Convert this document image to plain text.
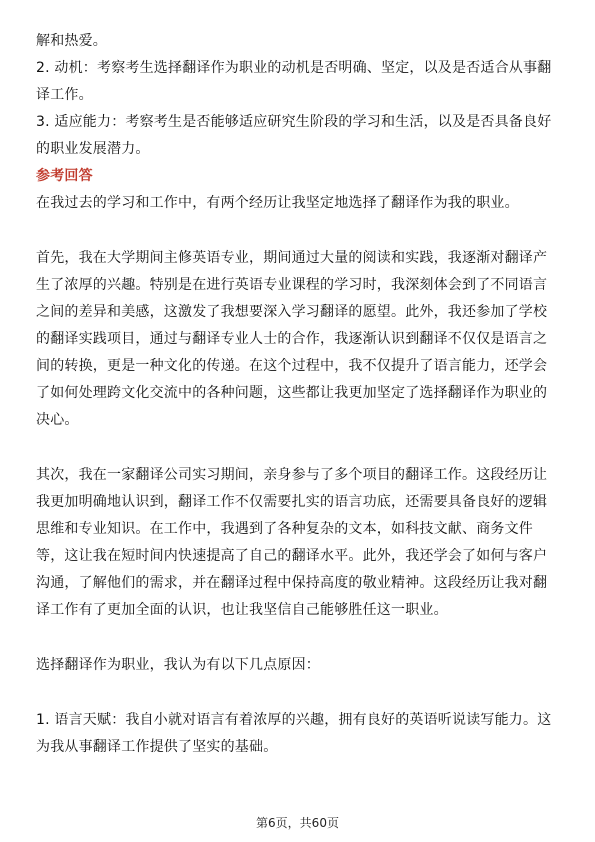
解和热爱。
2. 动机：考察考生选择翻译作为职业的动机是否明确、坚定，以及是否适合从事翻
译工作。
3. 适应能力：考察考生是否能够适应研究生阶段的学习和生活，以及是否具备良好
的职业发展潜力。
参考回答
在我过去的学习和工作中，有两个经历让我坚定地选择了翻译作为我的职业。
首先，我在大学期间主修英语专业，期间通过大量的阅读和实践，我逐渐对翻译产
生了浓厚的兴趣。特别是在进行英语专业课程的学习时，我深刻体会到了不同语言
之间的差异和美感，这激发了我想要深入学习翻译的愿望。此外，我还参加了学校
的翻译实践项目，通过与翻译专业人士的合作，我逐渐认识到翻译不仅仅是语言之
间的转换，更是一种文化的传递。在这个过程中，我不仅提升了语言能力，还学会
了如何处理跨文化交流中的各种问题，这些都让我更加坚定了选择翻译作为职业的
决心。
其次，我在一家翻译公司实习期间，亲身参与了多个项目的翻译工作。这段经历让
我更加明确地认识到，翻译工作不仅需要扎实的语言功底，还需要具备良好的逻辑
思维和专业知识。在工作中，我遇到了各种复杂的文本，如科技文献、商务文件
等，这让我在短时间内快速提高了自己的翻译水平。此外，我还学会了如何与客户
沟通，了解他们的需求，并在翻译过程中保持高度的敬业精神。这段经历让我对翻
译工作有了更加全面的认识，也让我坚信自己能够胜任这一职业。
选择翻译作为职业，我认为有以下几点原因：
1. 语言天赋：我自小就对语言有着浓厚的兴趣，拥有良好的英语听说读写能力。这
为我从事翻译工作提供了坚实的基础。
第6页，共60页
